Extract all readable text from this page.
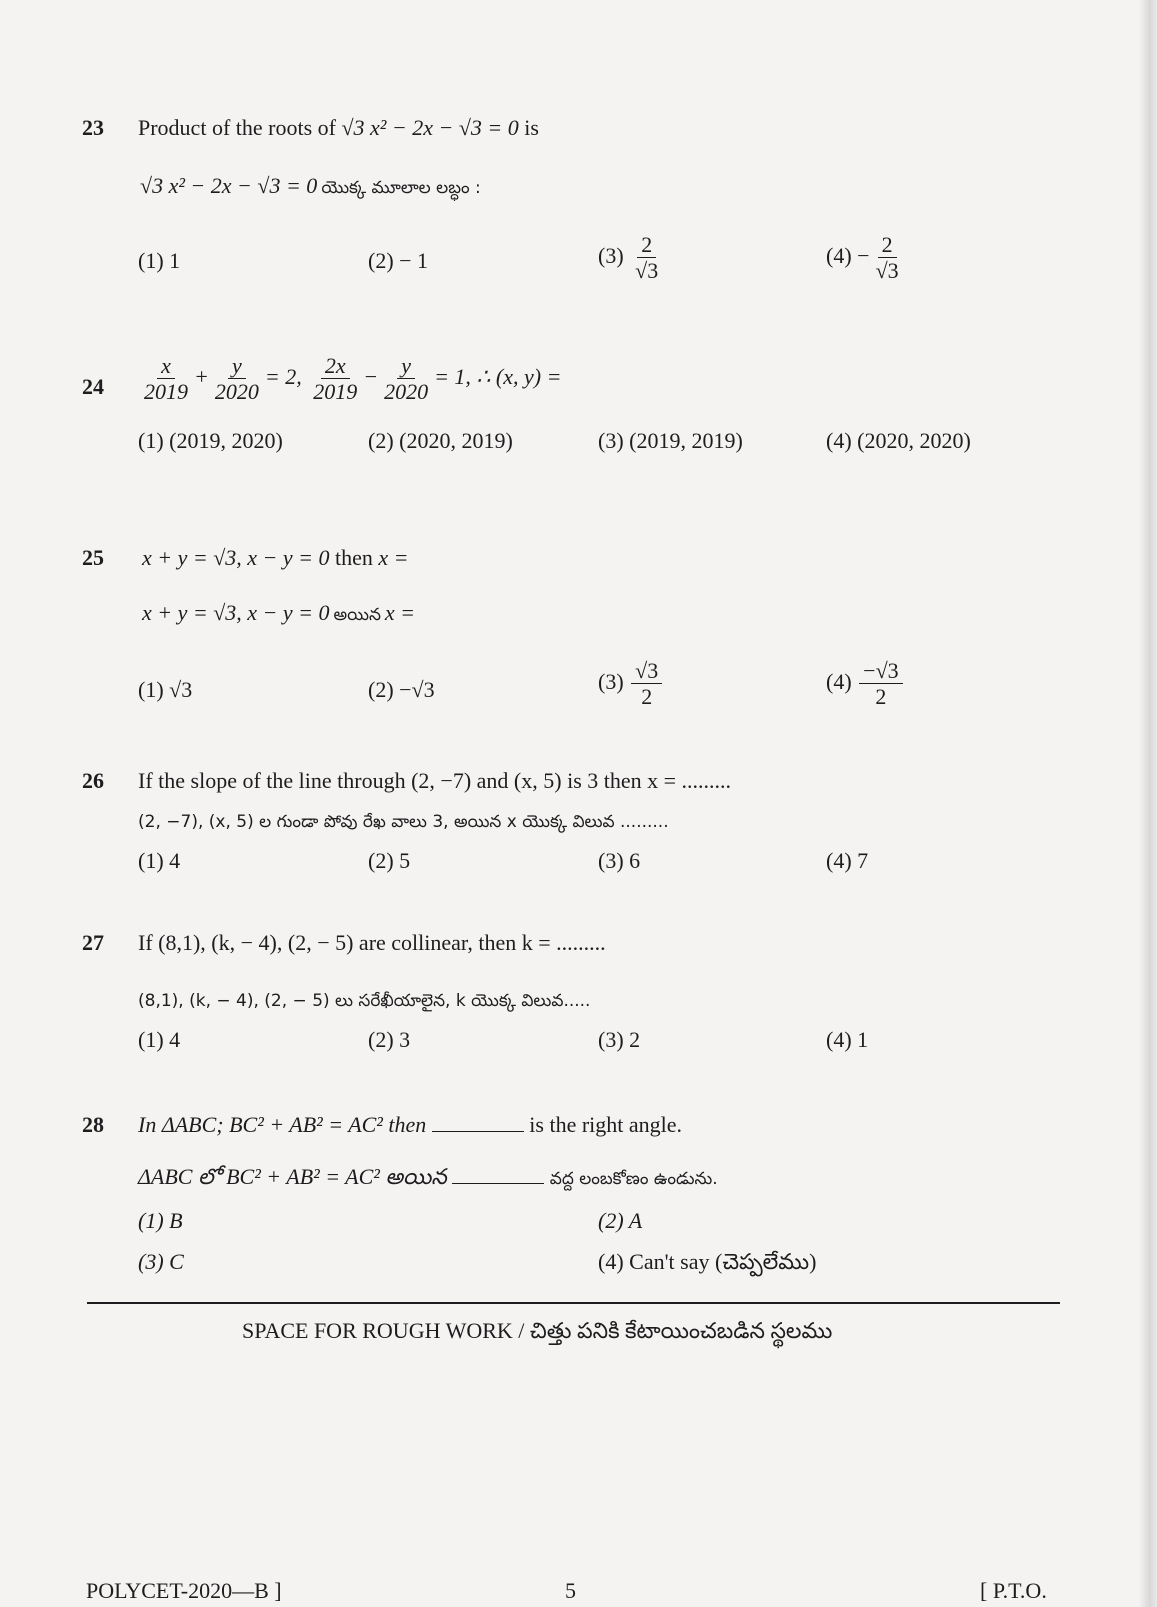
23 Product of the roots of √3 x² − 2x − √3 = 0 is
√3 x² − 2x − √3 = 0 యొక్క మూలాల లబ్ధం :
(1) 1	(2) − 1	$(3) \frac{2}{√3}$	$(4) - \frac{2}{√3}$
$24 \frac{x}{2019} + \frac{y}{2020} = 2$, $\frac{2x}{2019} - \frac{y}{2020} = 1$, ∴ (x, y) =
(1) (2019, 2020)	(2) (2020, 2019)	(3) (2019, 2019)	(4) (2020, 2020)
25 x + y = √3, x − y = 0 then x =
x + y = √3, x − y = 0 అయిన x =
(1) √3	(2) −√3	$(3) \frac{√3}{2}$	$(4) \frac{-√3}{2}$
26 If the slope of the line through (2, −7) and (x, 5) is 3 then x = .........
(2, −7), (x, 5) ల గుండా పోవు రేఖ వాలు 3, అయిన x యొక్క విలువ .........
(1) 4	(2) 5	(3) 6	(4) 7
27 If (8,1), (k, − 4), (2, − 5) are collinear, then k = .........
(8,1), (k, − 4), (2, − 5) లు సరేఖీయాలైన, k యొక్క విలువ.....
(1) 4	(2) 3	(3) 2	(4) 1
28 In ΔABC; BC² + AB² = AC² then	is the right angle.
ΔABC లో BC² + AB² = AC² అయిన	వద్ద లంబకోణం ఉండును.
(1) B	(2) A
(3) C	(4) Can't say (చెప్పలేము)
SPACE FOR ROUGH WORK / చిత్తు పనికి కేటాయించబడిన స్థలము
POLYCET-2020—B ]	5	[ P.T.O.
